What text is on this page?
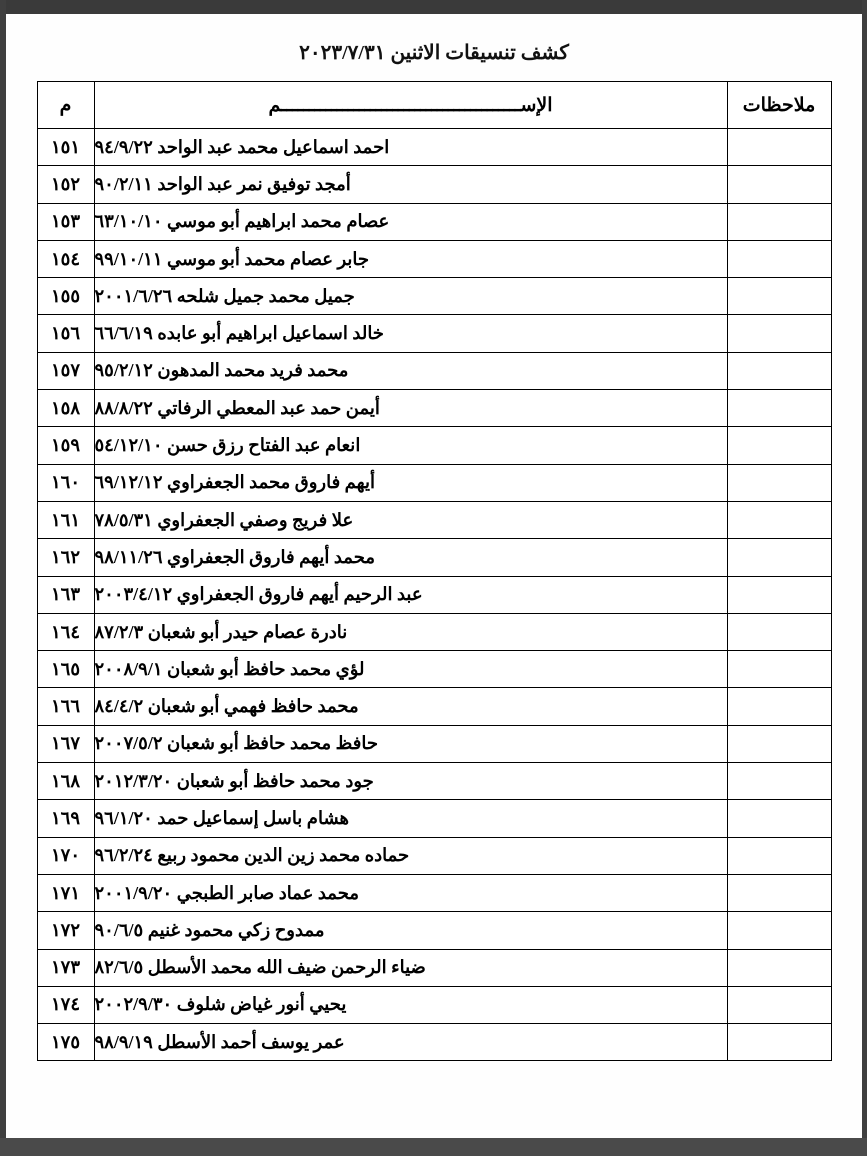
كشف تنسيقات الاثنين ٢٠٢٣/٧/٣١
ملاحظات	الإســـــــــــــــــــــــــــــــــــــــــــم	م
	احمد اسماعيل محمد عبد الواحد ٩٤/٩/٢٢	١٥١
	أمجد توفيق نمر عبد الواحد ٩٠/٢/١١	١٥٢
	عصام محمد ابراهيم أبو موسي ٦٣/١٠/١٠	١٥٣
	جابر عصام محمد أبو موسي ٩٩/١٠/١١	١٥٤
	جميل محمد جميل شلحه ٢٠٠١/٦/٢٦	١٥٥
	خالد اسماعيل ابراهيم أبو عابده ٦٦/٦/١٩	١٥٦
	محمد فريد محمد المدهون ٩٥/٢/١٢	١٥٧
	أيمن حمد عبد المعطي الرفاتي ٨٨/٨/٢٢	١٥٨
	انعام عبد الفتاح رزق حسن ٥٤/١٢/١٠	١٥٩
	أيهم فاروق محمد الجعفراوي ٦٩/١٢/١٢	١٦٠
	علا فريج وصفي الجعفراوي ٧٨/٥/٣١	١٦١
	محمد أيهم فاروق الجعفراوي ٩٨/١١/٢٦	١٦٢
	عبد الرحيم أيهم فاروق الجعفراوي ٢٠٠٣/٤/١٢	١٦٣
	نادرة عصام حيدر أبو شعبان ٨٧/٢/٣	١٦٤
	لؤي محمد حافظ أبو شعبان ٢٠٠٨/٩/١	١٦٥
	محمد حافظ فهمي أبو شعبان ٨٤/٤/٢	١٦٦
	حافظ محمد حافظ أبو شعبان ٢٠٠٧/٥/٢	١٦٧
	جود محمد حافظ أبو شعبان ٢٠١٢/٣/٢٠	١٦٨
	هشام باسل إسماعيل حمد ٩٦/١/٢٠	١٦٩
	حماده محمد زين الدين محمود ربيع ٩٦/٢/٢٤	١٧٠
	محمد عماد صابر الطبجي ٢٠٠١/٩/٢٠	١٧١
	ممدوح زكي محمود غنيم ٩٠/٦/٥	١٧٢
	ضياء الرحمن ضيف الله محمد الأسطل ٨٢/٦/٥	١٧٣
	يحيي أنور غياض شلوف ٢٠٠٢/٩/٣٠	١٧٤
	عمر يوسف أحمد الأسطل ٩٨/٩/١٩	١٧٥
